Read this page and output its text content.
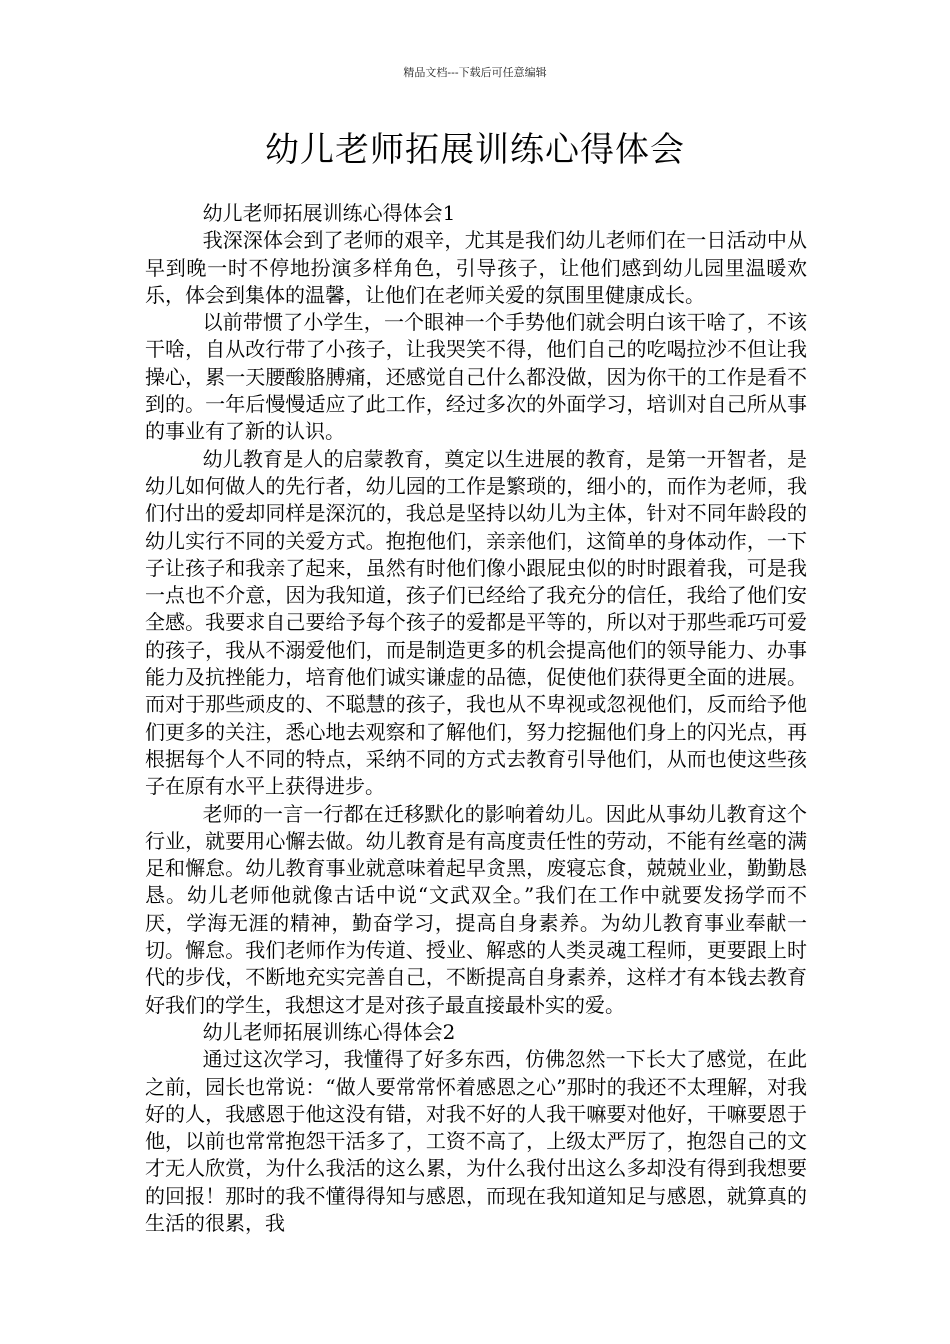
精品文档---下载后可任意编辑
幼儿老师拓展训练心得体会

幼儿老师拓展训练心得体会1

我深深体会到了老师的艰辛，尤其是我们幼儿老师们在一日活动中从早到晚一时不停地扮演多样角色，引导孩子，让他们感到幼儿园里温暖欢乐，体会到集体的温馨，让他们在老师关爱的氛围里健康成长。

以前带惯了小学生，一个眼神一个手势他们就会明白该干啥了，不该干啥，自从改行带了小孩子，让我哭笑不得，他们自己的吃喝拉沙不但让我操心，累一天腰酸胳膊痛，还感觉自己什么都没做，因为你干的工作是看不到的。一年后慢慢适应了此工作，经过多次的外面学习，培训对自己所从事的事业有了新的认识。

幼儿教育是人的启蒙教育，奠定以生进展的教育，是第一开智者，是幼儿如何做人的先行者，幼儿园的工作是繁琐的，细小的，而作为老师，我们付出的爱却同样是深沉的，我总是坚持以幼儿为主体，针对不同年龄段的幼儿实行不同的关爱方式。抱抱他们，亲亲他们，这简单的身体动作，一下子让孩子和我亲了起来，虽然有时他们像小跟屁虫似的时时跟着我，可是我一点也不介意，因为我知道，孩子们已经给了我充分的信任，我给了他们安全感。我要求自己要给予每个孩子的爱都是平等的，所以对于那些乖巧可爱的孩子，我从不溺爱他们，而是制造更多的机会提高他们的领导能力、办事能力及抗挫能力，培育他们诚实谦虚的品德，促使他们获得更全面的进展。而对于那些顽皮的、不聪慧的孩子，我也从不卑视或忽视他们，反而给予他们更多的关注，悉心地去观察和了解他们，努力挖掘他们身上的闪光点，再根据每个人不同的特点，采纳不同的方式去教育引导他们，从而也使这些孩子在原有水平上获得进步。

老师的一言一行都在迁移默化的影响着幼儿。因此从事幼儿教育这个行业，就要用心懈去做。幼儿教育是有高度责任性的劳动，不能有丝毫的满足和懈怠。幼儿教育事业就意味着起早贪黑，废寝忘食，兢兢业业，勤勤恳恳。幼儿老师他就像古话中说“文武双全。”我们在工作中就要发扬学而不厌，学海无涯的精神，勤奋学习，提高自身素养。为幼儿教育事业奉献一切。懈怠。我们老师作为传道、授业、解惑的人类灵魂工程师，更要跟上时代的步伐，不断地充实完善自己，不断提高自身素养，这样才有本钱去教育好我们的学生，我想这才是对孩子最直接最朴实的爱。

幼儿老师拓展训练心得体会2

通过这次学习，我懂得了好多东西，仿佛忽然一下长大了感觉，在此之前，园长也常说：“做人要常常怀着感恩之心”那时的我还不太理解，对我好的人，我感恩于他这没有错，对我不好的人我干嘛要对他好，干嘛要恩于他，以前也常常抱怨干活多了，工资不高了，上级太严厉了，抱怨自己的文才无人欣赏，为什么我活的这么累，为什么我付出这么多却没有得到我想要的回报！那时的我不懂得得知与感恩，而现在我知道知足与感恩，就算真的生活的很累，我
